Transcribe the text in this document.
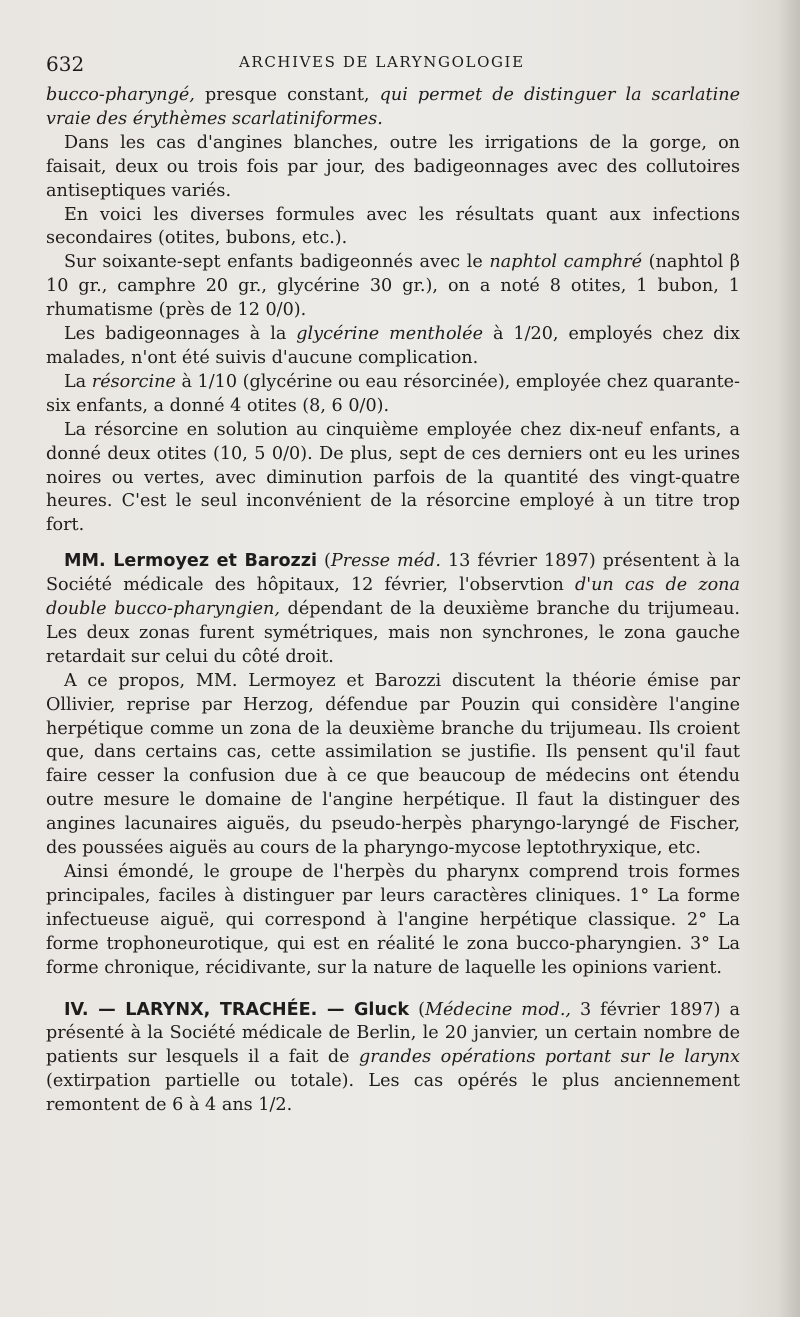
632	ARCHIVES DE LARYNGOLOGIE

bucco-pharyngé, presque constant, qui permet de distinguer la scarlatine vraie des érythèmes scarlatiniformes.

Dans les cas d'angines blanches, outre les irrigations de la gorge, on faisait, deux ou trois fois par jour, des badigeonnages avec des collutoires antiseptiques variés.

En voici les diverses formules avec les résultats quant aux infections secondaires (otites, bubons, etc.).

Sur soixante-sept enfants badigeonnés avec le naphtol camphré (naphtol β 10 gr., camphre 20 gr., glycérine 30 gr.), on a noté 8 otites, 1 bubon, 1 rhumatisme (près de 12 0/0).

Les badigeonnages à la glycérine mentholée à 1/20, employés chez dix malades, n'ont été suivis d'aucune complication.

La résorcine à 1/10 (glycérine ou eau résorcinée), employée chez quarante-six enfants, a donné 4 otites (8, 6 0/0).

La résorcine en solution au cinquième employée chez dix-neuf enfants, a donné deux otites (10, 5 0/0). De plus, sept de ces derniers ont eu les urines noires ou vertes, avec diminution parfois de la quantité des vingt-quatre heures. C'est le seul inconvénient de la résorcine employé à un titre trop fort.

MM. Lermoyez et Barozzi (Presse méd. 13 février 1897) présentent à la Société médicale des hôpitaux, 12 février, l'observtion d'un cas de zona double bucco-pharyngien, dépendant de la deuxième branche du trijumeau. Les deux zonas furent symétriques, mais non synchrones, le zona gauche retardait sur celui du côté droit.

A ce propos, MM. Lermoyez et Barozzi discutent la théorie émise par Ollivier, reprise par Herzog, défendue par Pouzin qui considère l'angine herpétique comme un zona de la deuxième branche du trijumeau. Ils croient que, dans certains cas, cette assimilation se justifie. Ils pensent qu'il faut faire cesser la confusion due à ce que beaucoup de médecins ont étendu outre mesure le domaine de l'angine herpétique. Il faut la distinguer des angines lacunaires aiguës, du pseudo-herpès pharyngo-laryngé de Fischer, des poussées aiguës au cours de la pharyngo-mycose leptothryxique, etc.

Ainsi émondé, le groupe de l'herpès du pharynx comprend trois formes principales, faciles à distinguer par leurs caractères cliniques. 1° La forme infectueuse aiguë, qui correspond à l'angine herpétique classique. 2° La forme trophoneurotique, qui est en réalité le zona bucco-pharyngien. 3° La forme chronique, récidivante, sur la nature de laquelle les opinions varient.

IV. — LARYNX, TRACHÉE. — Gluck (Médecine mod., 3 février 1897) a présenté à la Société médicale de Berlin, le 20 janvier, un certain nombre de patients sur lesquels il a fait de grandes opérations portant sur le larynx (extirpation partielle ou totale). Les cas opérés le plus anciennement remontent de 6 à 4 ans 1/2.
